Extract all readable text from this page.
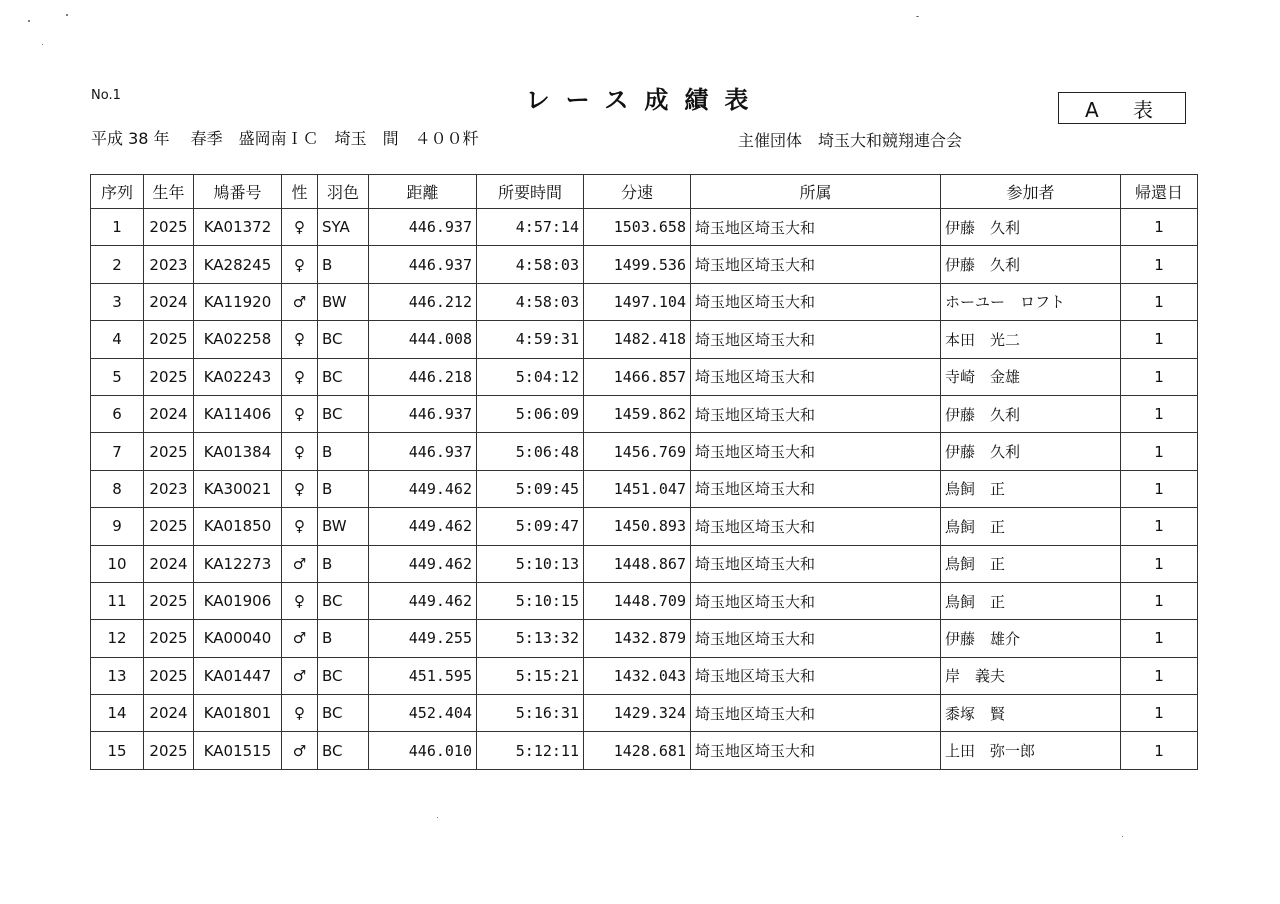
No.1	レース成績表	A 表
平成 38 年　 春季　盛岡南ＩＣ　埼玉　間　４００粁	主催団体　埼玉大和競翔連合会
序列	生年	鳩番号	性	羽色	距離	所要時間	分速	所属	参加者	帰還日
1	2025	KA01372	♀	SYA	446.937	4:57:14	1503.658	埼玉地区埼玉大和	伊藤　久利	1
2	2023	KA28245	♀	B	446.937	4:58:03	1499.536	埼玉地区埼玉大和	伊藤　久利	1
3	2024	KA11920	♂	BW	446.212	4:58:03	1497.104	埼玉地区埼玉大和	ホーユー　ロフト	1
4	2025	KA02258	♀	BC	444.008	4:59:31	1482.418	埼玉地区埼玉大和	本田　光二	1
5	2025	KA02243	♀	BC	446.218	5:04:12	1466.857	埼玉地区埼玉大和	寺崎　金雄	1
6	2024	KA11406	♀	BC	446.937	5:06:09	1459.862	埼玉地区埼玉大和	伊藤　久利	1
7	2025	KA01384	♀	B	446.937	5:06:48	1456.769	埼玉地区埼玉大和	伊藤　久利	1
8	2023	KA30021	♀	B	449.462	5:09:45	1451.047	埼玉地区埼玉大和	鳥飼　正	1
9	2025	KA01850	♀	BW	449.462	5:09:47	1450.893	埼玉地区埼玉大和	鳥飼　正	1
10	2024	KA12273	♂	B	449.462	5:10:13	1448.867	埼玉地区埼玉大和	鳥飼　正	1
11	2025	KA01906	♀	BC	449.462	5:10:15	1448.709	埼玉地区埼玉大和	鳥飼　正	1
12	2025	KA00040	♂	B	449.255	5:13:32	1432.879	埼玉地区埼玉大和	伊藤　雄介	1
13	2025	KA01447	♂	BC	451.595	5:15:21	1432.043	埼玉地区埼玉大和	岸　義夫	1
14	2024	KA01801	♀	BC	452.404	5:16:31	1429.324	埼玉地区埼玉大和	黍塚　賢	1
15	2025	KA01515	♂	BC	446.010	5:12:11	1428.681	埼玉地区埼玉大和	上田　弥一郎	1
